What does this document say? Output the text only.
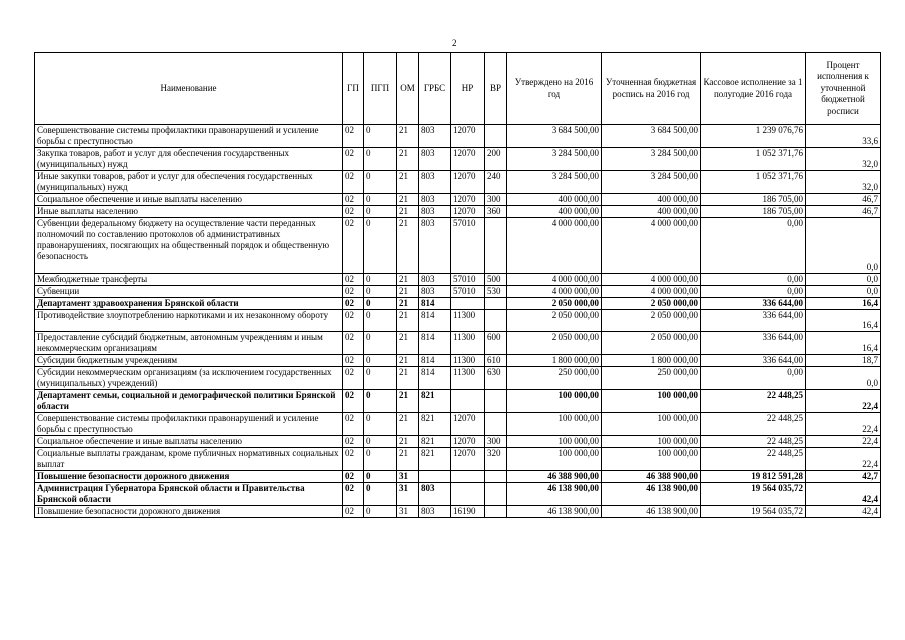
2
Наименование	ГП	ПГП	ОМ	ГРБС	НР	ВР	Утверждено на 2016 год	Уточненная бюджетная роспись на 2016 год	Кассовое исполнение за 1 полугодие 2016 года	Процент исполнения к уточненной бюджетной росписи
Совершенствование системы профилактики правонарушений и усиление борьбы с преступностью	02	0	21	803	12070		3 684 500,00	3 684 500,00	1 239 076,76	33,6
Закупка товаров, работ и услуг для обеспечения государственных (муниципальных) нужд	02	0	21	803	12070	200	3 284 500,00	3 284 500,00	1 052 371,76	32,0
Иные закупки товаров, работ и услуг для обеспечения государственных (муниципальных) нужд	02	0	21	803	12070	240	3 284 500,00	3 284 500,00	1 052 371,76	32,0
Социальное обеспечение и иные выплаты населению	02	0	21	803	12070	300	400 000,00	400 000,00	186 705,00	46,7
Иные выплаты населению	02	0	21	803	12070	360	400 000,00	400 000,00	186 705,00	46,7
Субвенции федеральному бюджету на осуществление части переданных полномочий по составлению протоколов об административных правонарушениях, посягающих на общественный порядок и общественную безопасность	02	0	21	803	57010		4 000 000,00	4 000 000,00	0,00	0,0
Межбюджетные трансферты	02	0	21	803	57010	500	4 000 000,00	4 000 000,00	0,00	0,0
Субвенции	02	0	21	803	57010	530	4 000 000,00	4 000 000,00	0,00	0,0
Департамент здравоохранения Брянской области	02	0	21	814			2 050 000,00	2 050 000,00	336 644,00	16,4
Противодействие злоупотреблению наркотиками и их незаконному обороту	02	0	21	814	11300		2 050 000,00	2 050 000,00	336 644,00	16,4
Предоставление субсидий бюджетным, автономным учреждениям и иным некоммерческим организациям	02	0	21	814	11300	600	2 050 000,00	2 050 000,00	336 644,00	16,4
Субсидии бюджетным учреждениям	02	0	21	814	11300	610	1 800 000,00	1 800 000,00	336 644,00	18,7
Субсидии некоммерческим организациям (за исключением государственных (муниципальных) учреждений)	02	0	21	814	11300	630	250 000,00	250 000,00	0,00	0,0
Департамент семьи, социальной и демографической политики Брянской области	02	0	21	821			100 000,00	100 000,00	22 448,25	22,4
Совершенствование системы профилактики правонарушений и усиление борьбы с преступностью	02	0	21	821	12070		100 000,00	100 000,00	22 448,25	22,4
Социальное обеспечение и иные выплаты населению	02	0	21	821	12070	300	100 000,00	100 000,00	22 448,25	22,4
Социальные выплаты гражданам, кроме публичных нормативных социальных выплат	02	0	21	821	12070	320	100 000,00	100 000,00	22 448,25	22,4
Повышение безопасности дорожного движения	02	0	31				46 388 900,00	46 388 900,00	19 812 591,28	42,7
Администрация Губернатора Брянской области и Правительства Брянской области	02	0	31	803			46 138 900,00	46 138 900,00	19 564 035,72	42,4
Повышение безопасности дорожного движения	02	0	31	803	16190		46 138 900,00	46 138 900,00	19 564 035,72	42,4
